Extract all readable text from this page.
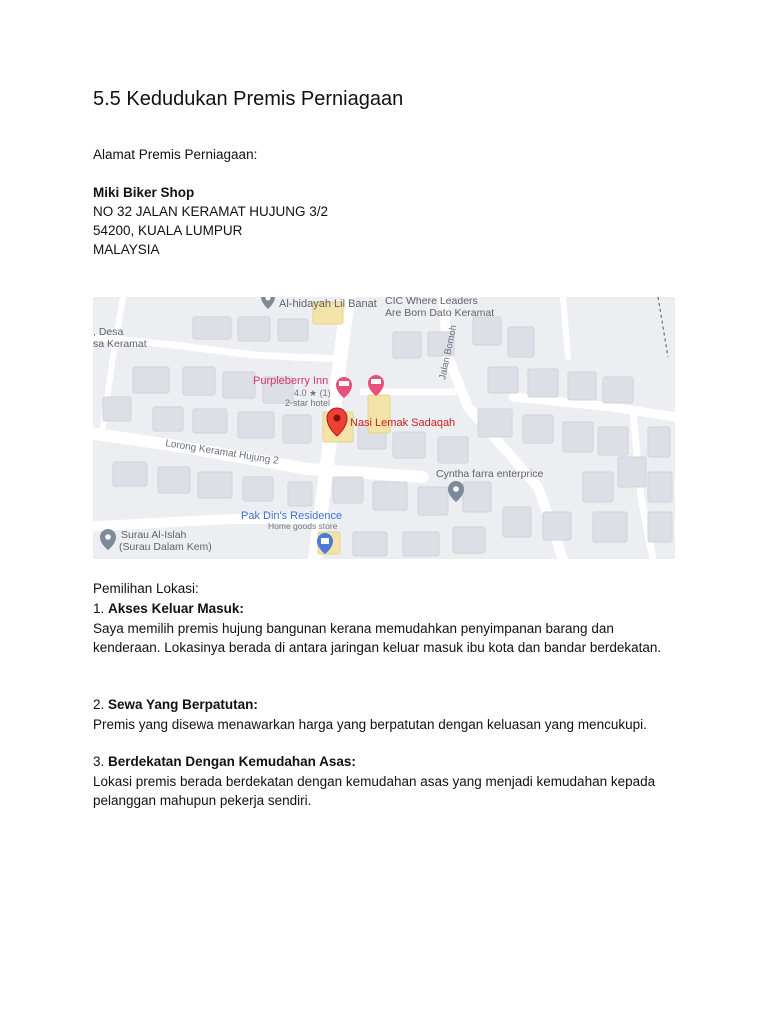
5.5 Kedudukan Premis Perniagaan
Alamat Premis Perniagaan:
Miki Biker Shop
NO 32 JALAN KERAMAT HUJUNG 3/2
54200, KUALA LUMPUR
MALAYSIA
Al-hidayah Lil Banat CIC Where Leaders
Are Born Dato Keramat
, Desa
sa Keramat	Jalan Bomoh
Purpleberry Inn
4.0 ★ (1)
2-star hotel
Nasi Lemak Sadaqah
Lorong Keramat Hujung 2
Cyntha farra enterprice
Pak Din's Residence
Home goods store
Surau Al-Islah
(Surau Dalam Kem)
Pemilihan Lokasi:
1. Akses Keluar Masuk:
Saya memilih premis hujung bangunan kerana memudahkan penyimpanan barang dan kenderaan. Lokasinya berada di antara jaringan keluar masuk ibu kota dan bandar berdekatan.
2. Sewa Yang Berpatutan:
Premis yang disewa menawarkan harga yang berpatutan dengan keluasan yang mencukupi.
3. Berdekatan Dengan Kemudahan Asas:
Lokasi premis berada berdekatan dengan kemudahan asas yang menjadi kemudahan kepada pelanggan mahupun pekerja sendiri.
